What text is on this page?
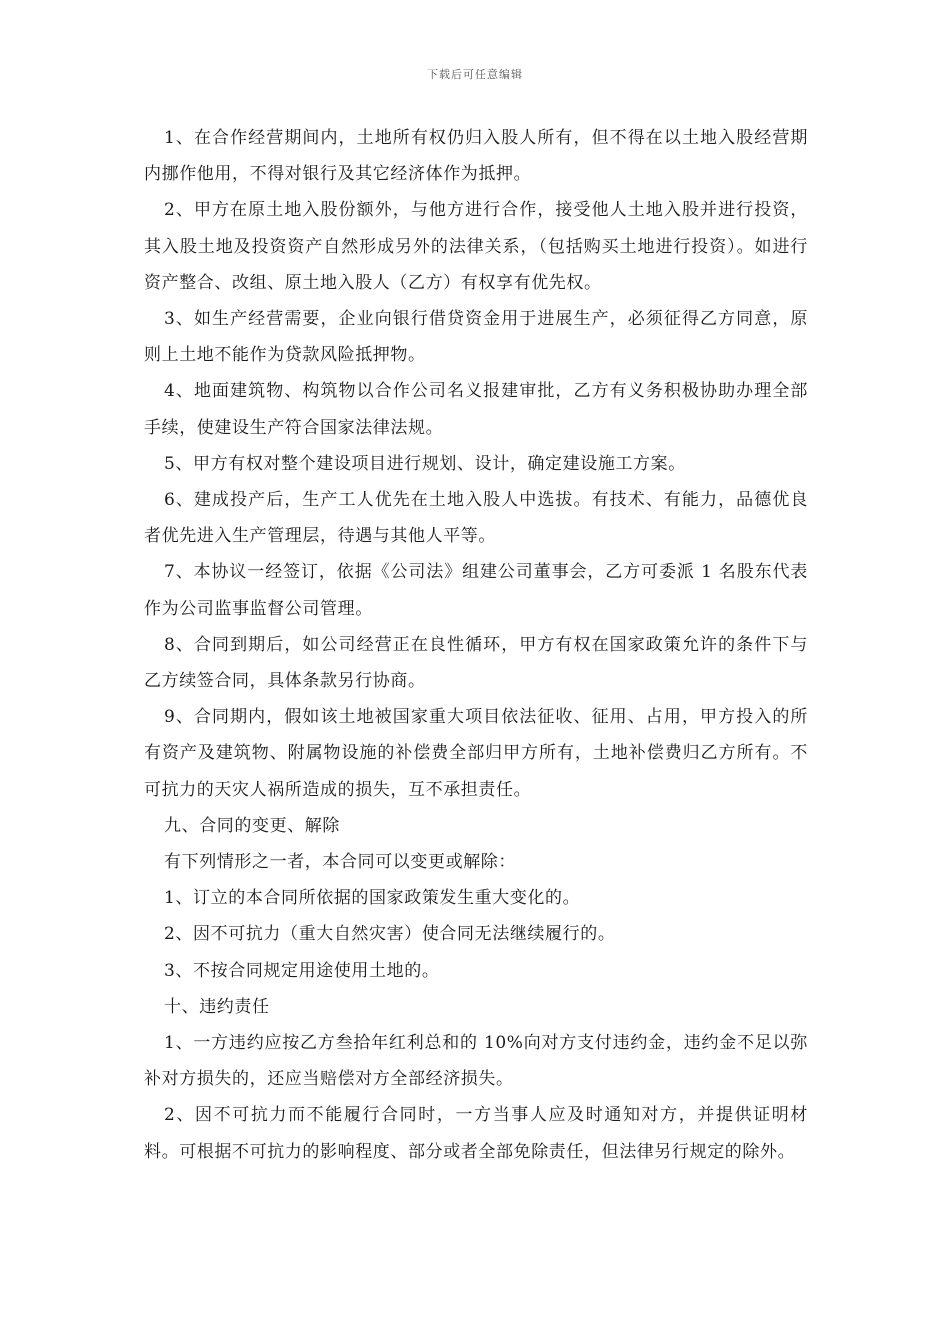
下载后可任意编辑

1、在合作经营期间内，土地所有权仍归入股人所有，但不得在以土地入股经营期内挪作他用，不得对银行及其它经济体作为抵押。

2、甲方在原土地入股份额外，与他方进行合作，接受他人土地入股并进行投资，其入股土地及投资资产自然形成另外的法律关系，（包括购买土地进行投资）。如进行资产整合、改组、原土地入股人（乙方）有权享有优先权。

3、如生产经营需要，企业向银行借贷资金用于进展生产，必须征得乙方同意，原则上土地不能作为贷款风险抵押物。

4、地面建筑物、构筑物以合作公司名义报建审批，乙方有义务积极协助办理全部手续，使建设生产符合国家法律法规。

5、甲方有权对整个建设项目进行规划、设计，确定建设施工方案。

6、建成投产后，生产工人优先在土地入股人中选拔。有技术、有能力，品德优良者优先进入生产管理层，待遇与其他人平等。

7、本协议一经签订，依据《公司法》组建公司董事会，乙方可委派 1 名股东代表作为公司监事监督公司管理。

8、合同到期后，如公司经营正在良性循环，甲方有权在国家政策允许的条件下与乙方续签合同，具体条款另行协商。

9、合同期内，假如该土地被国家重大项目依法征收、征用、占用，甲方投入的所有资产及建筑物、附属物设施的补偿费全部归甲方所有，土地补偿费归乙方所有。不可抗力的天灾人祸所造成的损失，互不承担责任。

九、合同的变更、解除

有下列情形之一者，本合同可以变更或解除：

1、订立的本合同所依据的国家政策发生重大变化的。

2、因不可抗力（重大自然灾害）使合同无法继续履行的。

3、不按合同规定用途使用土地的。

十、违约责任

1、一方违约应按乙方叁拾年红利总和的 10%向对方支付违约金，违约金不足以弥补对方损失的，还应当赔偿对方全部经济损失。

2、因不可抗力而不能履行合同时，一方当事人应及时通知对方，并提供证明材料。可根据不可抗力的影响程度、部分或者全部免除责任，但法律另行规定的除外。
